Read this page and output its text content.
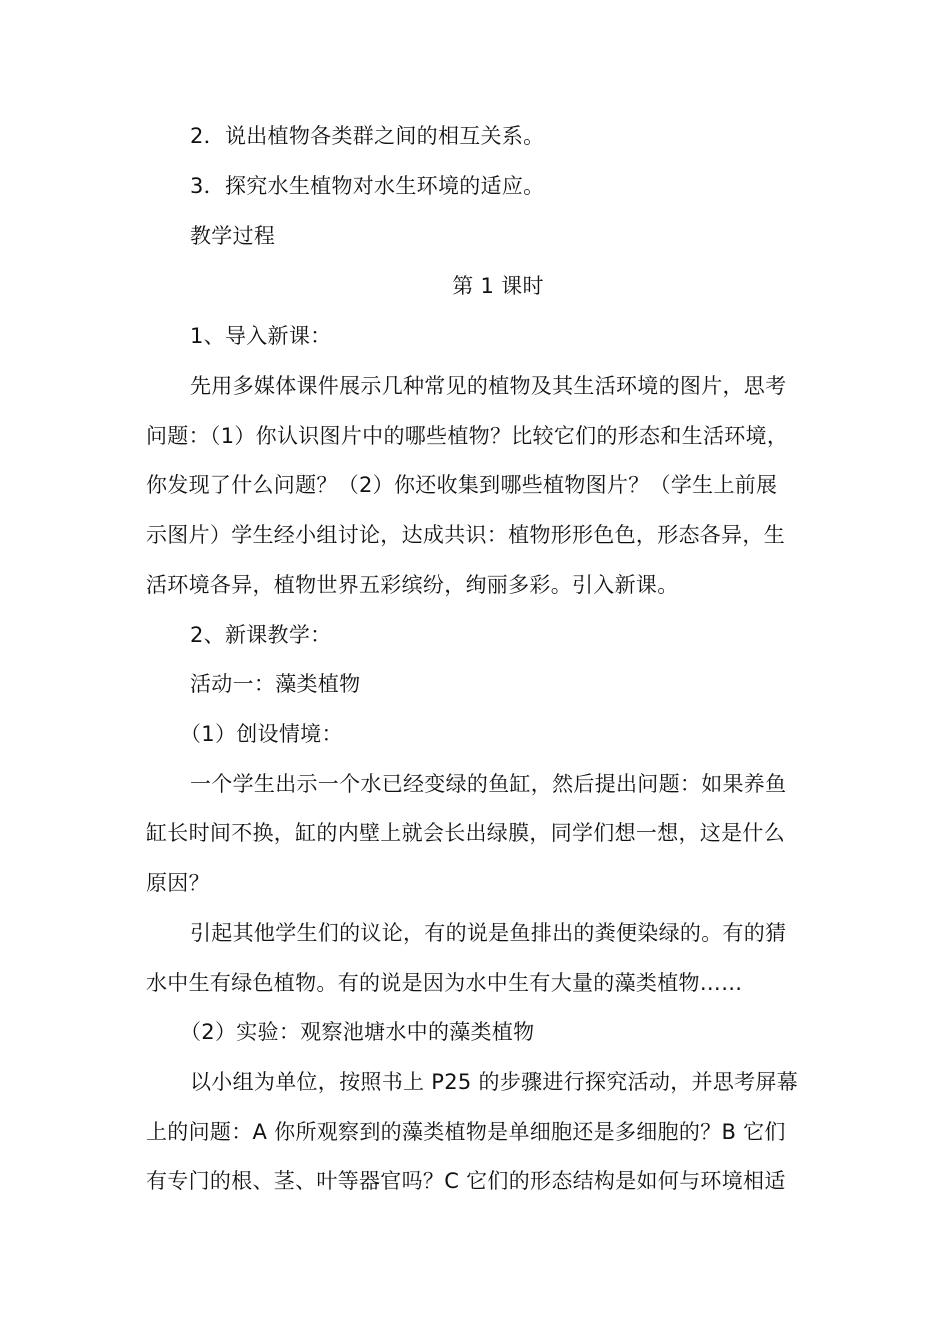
2．说出植物各类群之间的相互关系。
3．探究水生植物对水生环境的适应。
教学过程
第 1 课时
1、导入新课：
先用多媒体课件展示几种常见的植物及其生活环境的图片，思考
问题：（1）你认识图片中的哪些植物？比较它们的形态和生活环境，
你发现了什么问题？（2）你还收集到哪些植物图片？（学生上前展
示图片）学生经小组讨论，达成共识：植物形形色色，形态各异，生
活环境各异，植物世界五彩缤纷，绚丽多彩。引入新课。
2、新课教学：
活动一：藻类植物
（1）创设情境：
一个学生出示一个水已经变绿的鱼缸，然后提出问题：如果养鱼
缸长时间不换，缸的内壁上就会长出绿膜，同学们想一想，这是什么
原因？
引起其他学生们的议论，有的说是鱼排出的粪便染绿的。有的猜
水中生有绿色植物。有的说是因为水中生有大量的藻类植物……
（2）实验：观察池塘水中的藻类植物
以小组为单位，按照书上 P25 的步骤进行探究活动，并思考屏幕
上的问题：A 你所观察到的藻类植物是单细胞还是多细胞的？B 它们
有专门的根、茎、叶等器官吗？C 它们的形态结构是如何与环境相适
